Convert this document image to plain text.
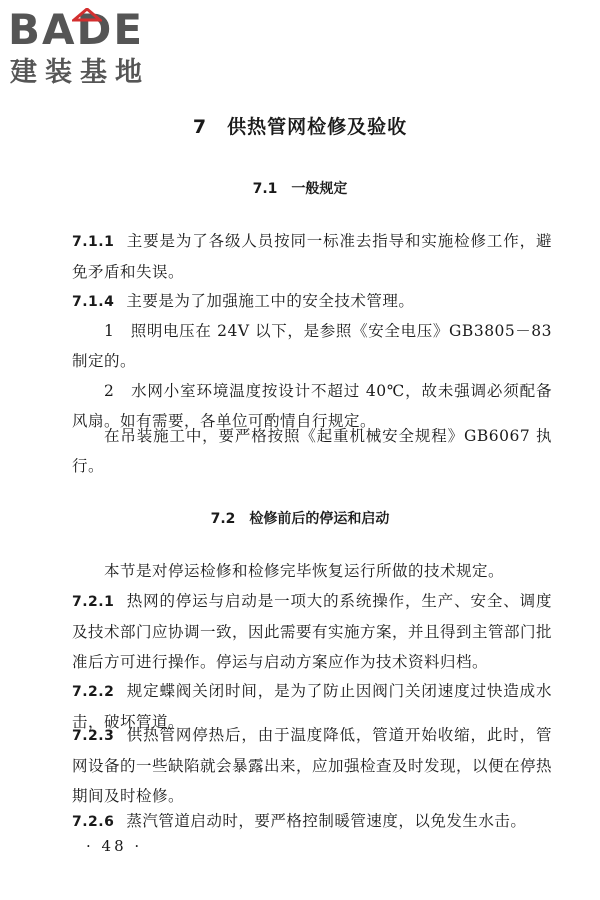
BADE
建装基地
7　供热管网检修及验收
7.1　一般规定
7.1.1 主要是为了各级人员按同一标准去指导和实施检修工作，避免矛盾和失误。
7.1.4 主要是为了加强施工中的安全技术管理。
1　照明电压在 24V 以下，是参照《安全电压》GB3805－83 制定的。
2　水网小室环境温度按设计不超过 40℃，故未强调必须配备风扇。如有需要，各单位可酌情自行规定。
在吊装施工中，要严格按照《起重机械安全规程》GB6067 执行。
7.2　检修前后的停运和启动
本节是对停运检修和检修完毕恢复运行所做的技术规定。
7.2.1 热网的停运与启动是一项大的系统操作，生产、安全、调度及技术部门应协调一致，因此需要有实施方案，并且得到主管部门批准后方可进行操作。停运与启动方案应作为技术资料归档。
7.2.2 规定蝶阀关闭时间，是为了防止因阀门关闭速度过快造成水击，破坏管道。
7.2.3 供热管网停热后，由于温度降低，管道开始收缩，此时，管网设备的一些缺陷就会暴露出来，应加强检查及时发现，以便在停热期间及时检修。
7.2.6 蒸汽管道启动时，要严格控制暖管速度，以免发生水击。
· 48 ·
